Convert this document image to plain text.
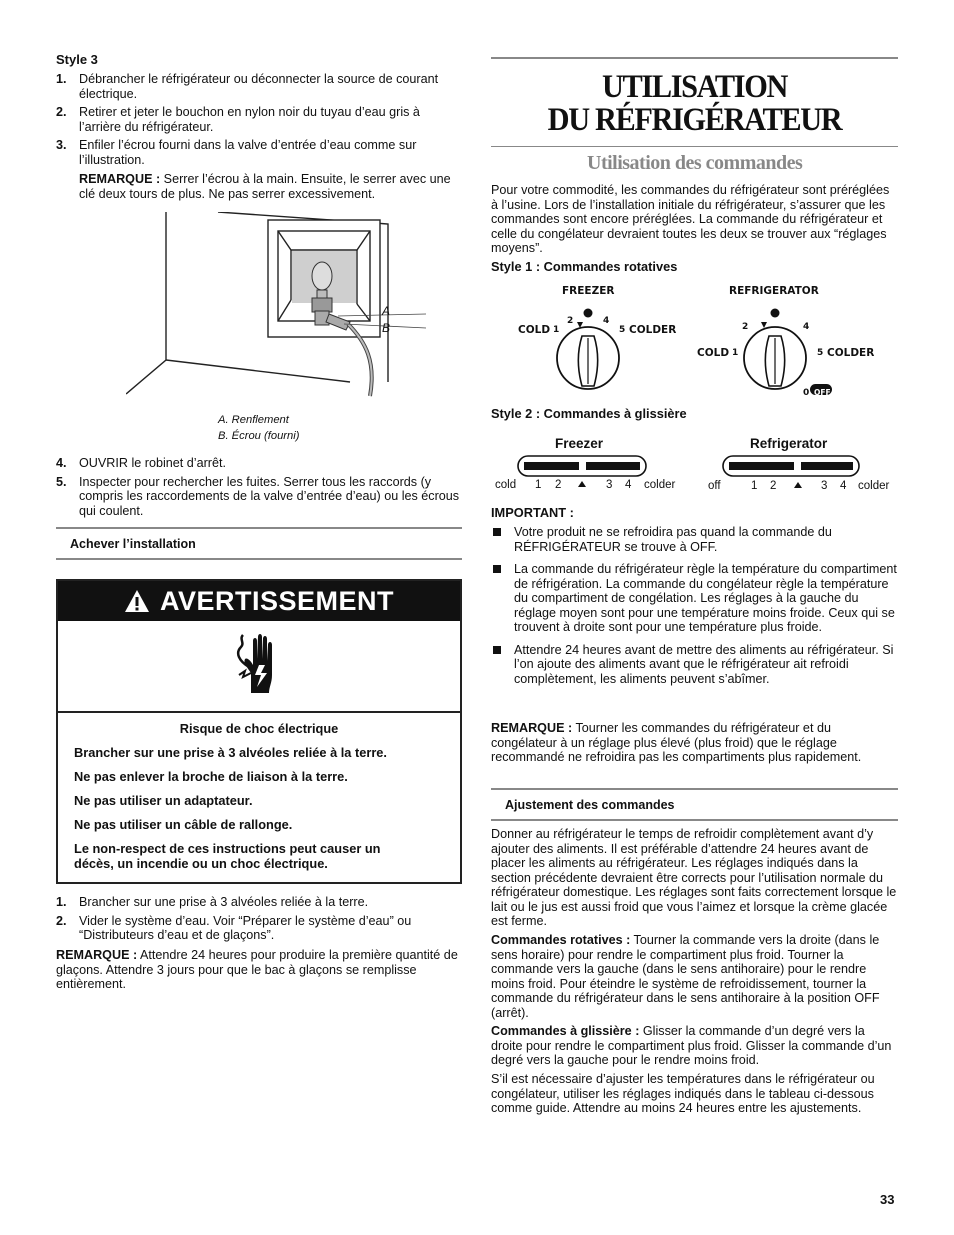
Style 3
1. Débrancher le réfrigérateur ou déconnecter la source de courant électrique.
2. Retirer et jeter le bouchon en nylon noir du tuyau d’eau gris à l’arrière du réfrigérateur.
3. Enfiler l’écrou fourni dans la valve d’entrée d’eau comme sur l’illustration.

REMARQUE : Serrer l’écrou à la main. Ensuite, le serrer avec une clé deux tours de plus. Ne pas serrer excessivement.

A
B
A. Renflement
B. Écrou (fourni)
4. OUVRIR le robinet d’arrêt.
5. Inspecter pour rechercher les fuites. Serrer tous les raccords (y compris les raccordements de la valve d’entrée d’eau) ou les écrous qui coulent.
Achever l’installation
AVERTISSEMENT

Risque de choc électrique

Brancher sur une prise à 3 alvéoles reliée à la terre.

Ne pas enlever la broche de liaison à la terre.

Ne pas utiliser un adaptateur.

Ne pas utiliser un câble de rallonge.

Le non-respect de ces instructions peut causer un décès, un incendie ou un choc électrique.

1. Brancher sur une prise à 3 alvéoles reliée à la terre.
2. Vider le système d’eau. Voir “Préparer le système d’eau” ou “Distributeurs d’eau et de glaçons”.

REMARQUE : Attendre 24 heures pour produire la première quantité de glaçons. Attendre 3 jours pour que le bac à glaçons se remplisse entièrement.

UTILISATION
DU RÉFRIGÉRATEUR
Utilisation des commandes

Pour votre commodité, les commandes du réfrigérateur sont préréglées à l’usine. Lors de l’installation initiale du réfrigérateur, s’assurer que les commandes sont encore préréglées. La commande du réfrigérateur et celle du congélateur devraient toutes les deux se trouver aux “réglages moyens”.

Style 1 : Commandes rotatives
FREEZER
COLD 1
2	4
5 COLDER
REFRIGERATOR
COLD 1
2	4
5 COLDER
0 OFF
Style 2 : Commandes à glissière
Freezer	Refrigerator
cold 1 2	3 4 colder	off	1 2	3 4 colder
IMPORTANT :
Votre produit ne se refroidira pas quand la commande du RÉFRIGÉRATEUR se trouve à OFF.
La commande du réfrigérateur règle la température du compartiment de réfrigération. La commande du congélateur règle la température du compartiment de congélation. Les réglages à la gauche du réglage moyen sont pour une température moins froide. Ceux qui se trouvent à droite sont pour une température plus froide.
Attendre 24 heures avant de mettre des aliments au réfrigérateur. Si l’on ajoute des aliments avant que le réfrigérateur ait refroidi complètement, les aliments peuvent s’abîmer.

REMARQUE : Tourner les commandes du réfrigérateur et du congélateur à un réglage plus élevé (plus froid) que le réglage recommandé ne refroidira pas les compartiments plus rapidement.

Ajustement des commandes

Donner au réfrigérateur le temps de refroidir complètement avant d’y ajouter des aliments. Il est préférable d’attendre 24 heures avant de placer les aliments au réfrigérateur. Les réglages indiqués dans la section précédente devraient être corrects pour l’utilisation normale du réfrigérateur domestique. Les réglages sont faits correctement lorsque le lait ou le jus est aussi froid que vous l’aimez et lorsque la crème glacée est ferme.

Commandes rotatives : Tourner la commande vers la droite (dans le sens horaire) pour rendre le compartiment plus froid. Tourner la commande vers la gauche (dans le sens antihoraire) pour le rendre moins froid. Pour éteindre le système de refroidissement, tourner la commande du réfrigérateur dans le sens antihoraire à la position OFF (arrêt).

Commandes à glissière : Glisser la commande d’un degré vers la droite pour rendre le compartiment plus froid. Glisser la commande d’un degré vers la gauche pour le rendre moins froid.

S’il est nécessaire d’ajuster les températures dans le réfrigérateur ou congélateur, utiliser les réglages indiqués dans le tableau ci-dessous comme guide. Attendre au moins 24 heures entre les ajustements.

33
